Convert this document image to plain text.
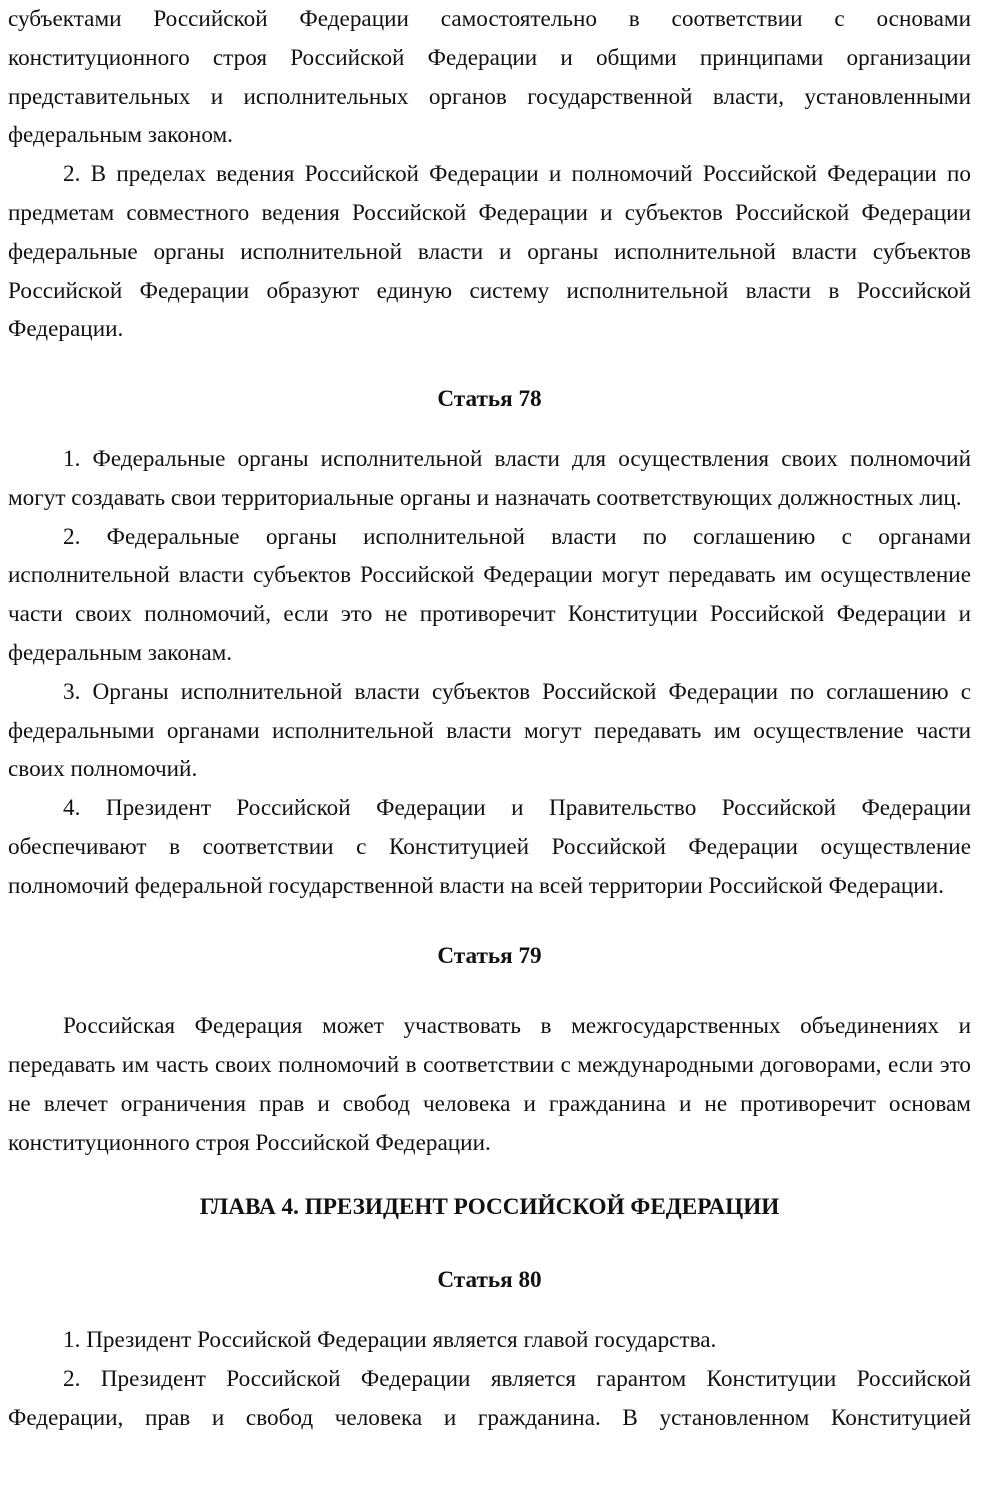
субъектами Российской Федерации самостоятельно в соответствии с основами конституционного строя Российской Федерации и общими принципами организации представительных и исполнительных органов государственной власти, установленными федеральным законом.

2. В пределах ведения Российской Федерации и полномочий Российской Федерации по предметам совместного ведения Российской Федерации и субъектов Российской Федерации федеральные органы исполнительной власти и органы исполнительной власти субъектов Российской Федерации образуют единую систему исполнительной власти в Российской Федерации.

Статья 78

1. Федеральные органы исполнительной власти для осуществления своих полномочий могут создавать свои территориальные органы и назначать соответствующих должностных лиц.

2. Федеральные органы исполнительной власти по соглашению с органами исполнительной власти субъектов Российской Федерации могут передавать им осуществление части своих полномочий, если это не противоречит Конституции Российской Федерации и федеральным законам.

3. Органы исполнительной власти субъектов Российской Федерации по соглашению с федеральными органами исполнительной власти могут передавать им осуществление части своих полномочий.

4. Президент Российской Федерации и Правительство Российской Федерации обеспечивают в соответствии с Конституцией Российской Федерации осуществление полномочий федеральной государственной власти на всей территории Российской Федерации.

Статья 79

Российская Федерация может участвовать в межгосударственных объединениях и передавать им часть своих полномочий в соответствии с международными договорами, если это не влечет ограничения прав и свобод человека и гражданина и не противоречит основам конституционного строя Российской Федерации.

ГЛАВА 4. ПРЕЗИДЕНТ РОССИЙСКОЙ ФЕДЕРАЦИИ

Статья 80

1. Президент Российской Федерации является главой государства.

2. Президент Российской Федерации является гарантом Конституции Российской Федерации, прав и свобод человека и гражданина. В установленном Конституцией
